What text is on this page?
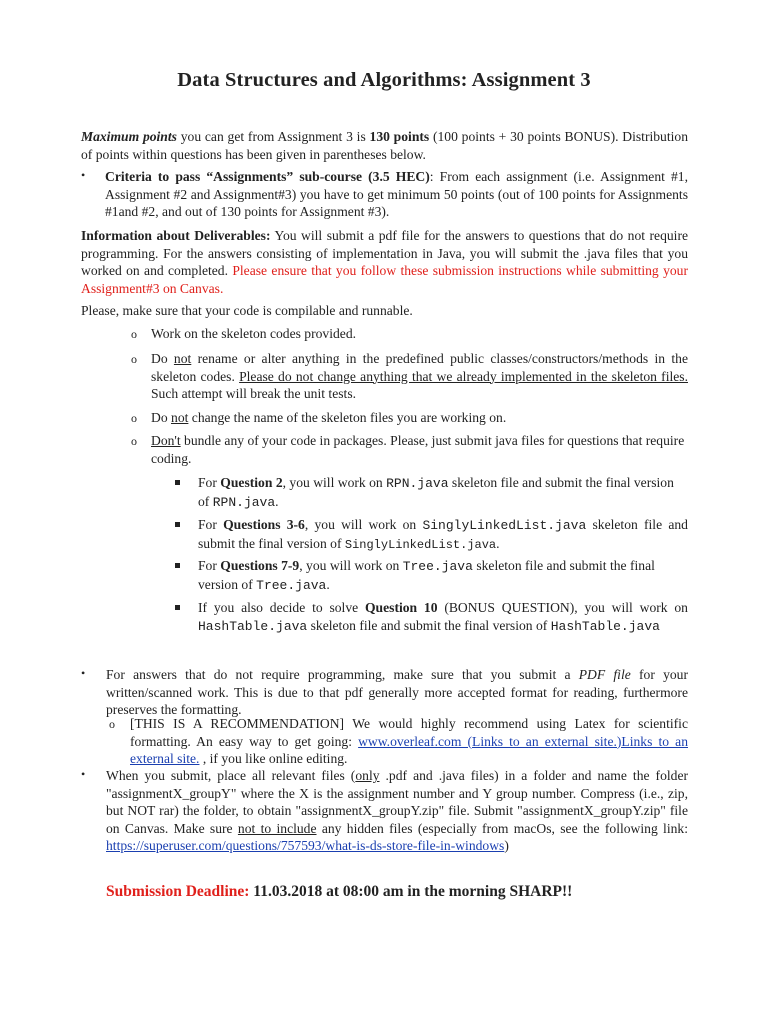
Data Structures and Algorithms: Assignment 3
Maximum points you can get from Assignment 3 is 130 points (100 points + 30 points BONUS). Distribution of points within questions has been given in parentheses below.
• Criteria to pass “Assignments” sub-course (3.5 HEC): From each assignment (i.e. Assignment #1, Assignment #2 and Assignment#3) you have to get minimum 50 points (out of 100 points for Assignments #1and #2, and out of 130 points for Assignment #3).
Information about Deliverables: You will submit a pdf file for the answers to questions that do not require programming. For the answers consisting of implementation in Java, you will submit the .java files that you worked on and completed. Please ensure that you follow these submission instructions while submitting your Assignment#3 on Canvas.
Please, make sure that your code is compilable and runnable.
o Work on the skeleton codes provided.
o Do not rename or alter anything in the predefined public classes/constructors/methods in the skeleton codes. Please do not change anything that we already implemented in the skeleton files. Such attempt will break the unit tests.
o Do not change the name of the skeleton files you are working on.
o Don't bundle any of your code in packages. Please, just submit java files for questions that require coding.
For Question 2, you will work on RPN.java skeleton file and submit the final version of RPN.java.
For Questions 3-6, you will work on SinglyLinkedList.java skeleton file and submit the final version of SinglyLinkedList.java.
For Questions 7-9, you will work on Tree.java skeleton file and submit the final version of Tree.java.
If you also decide to solve Question 10 (BONUS QUESTION), you will work on HashTable.java skeleton file and submit the final version of HashTable.java
• For answers that do not require programming, make sure that you submit a PDF file for your written/scanned work. This is due to that pdf generally more accepted format for reading, furthermore preserves the formatting.
o [THIS IS A RECOMMENDATION] We would highly recommend using Latex for scientific formatting. An easy way to get going: www.overleaf.com (Links to an external site.)Links to an external site. , if you like online editing.
• When you submit, place all relevant files (only .pdf and .java files) in a folder and name the folder "assignmentX_groupY" where the X is the assignment number and Y group number. Compress (i.e., zip, but NOT rar) the folder, to obtain "assignmentX_groupY.zip" file. Submit "assignmentX_groupY.zip" file on Canvas. Make sure not to include any hidden files (especially from macOs, see the following link: https://superuser.com/questions/757593/what-is-ds-store-file-in-windows)
Submission Deadline: 11.03.2018 at 08:00 am in the morning SHARP!!
